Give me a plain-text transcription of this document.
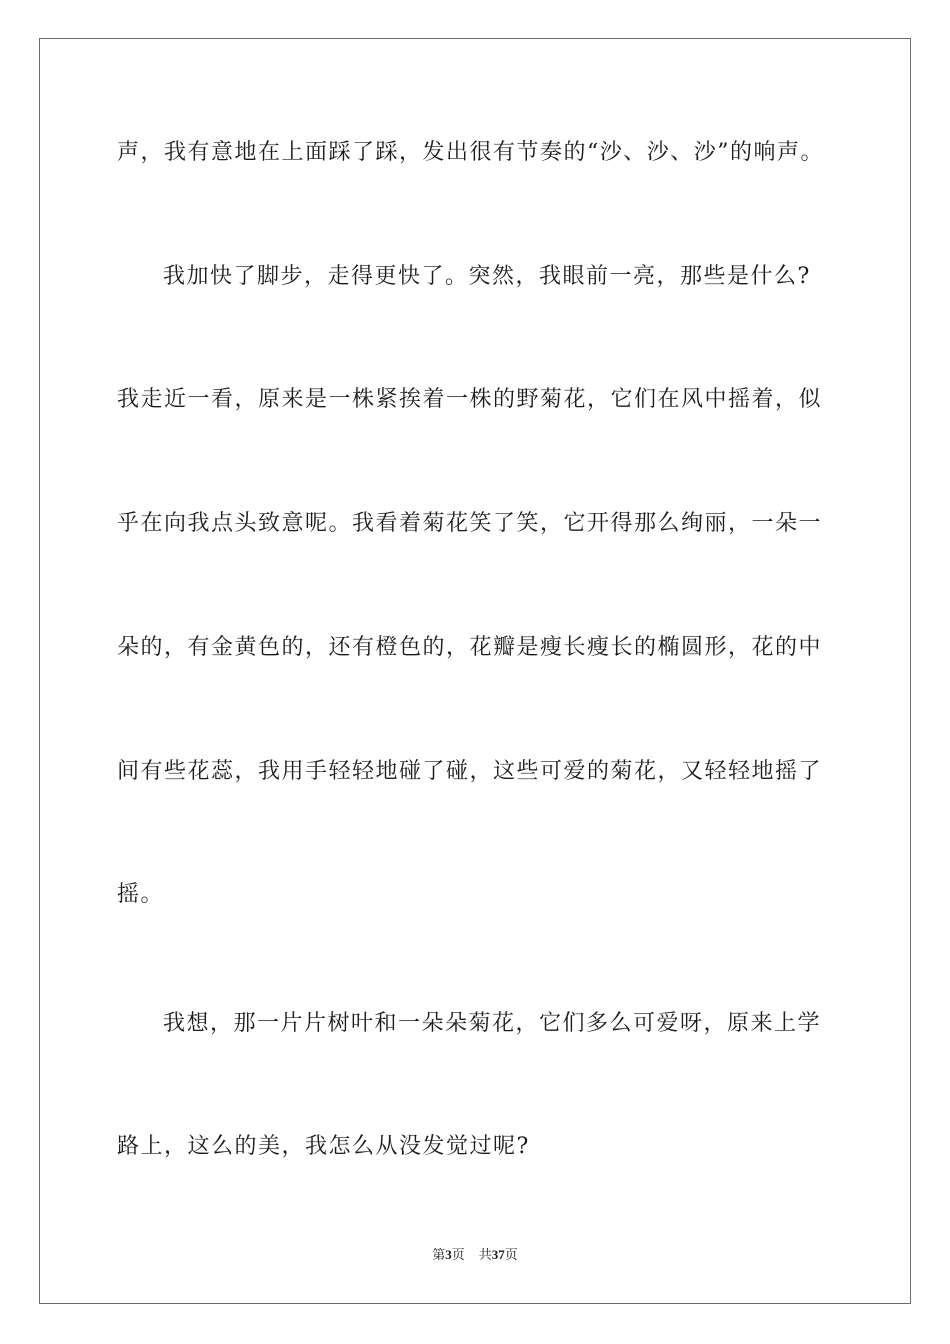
声，我有意地在上面踩了踩，发出很有节奏的“沙、沙、沙”的响声。
我加快了脚步，走得更快了。突然，我眼前一亮，那些是什么?
我走近一看，原来是一株紧挨着一株的野菊花，它们在风中摇着，似
乎在向我点头致意呢。我看着菊花笑了笑，它开得那么绚丽，一朵一
朵的，有金黄色的，还有橙色的，花瓣是瘦长瘦长的椭圆形，花的中
间有些花蕊，我用手轻轻地碰了碰，这些可爱的菊花，又轻轻地摇了
摇。
我想，那一片片树叶和一朵朵菊花，它们多么可爱呀，原来上学
路上，这么的美，我怎么从没发觉过呢?
第3页 共37页
